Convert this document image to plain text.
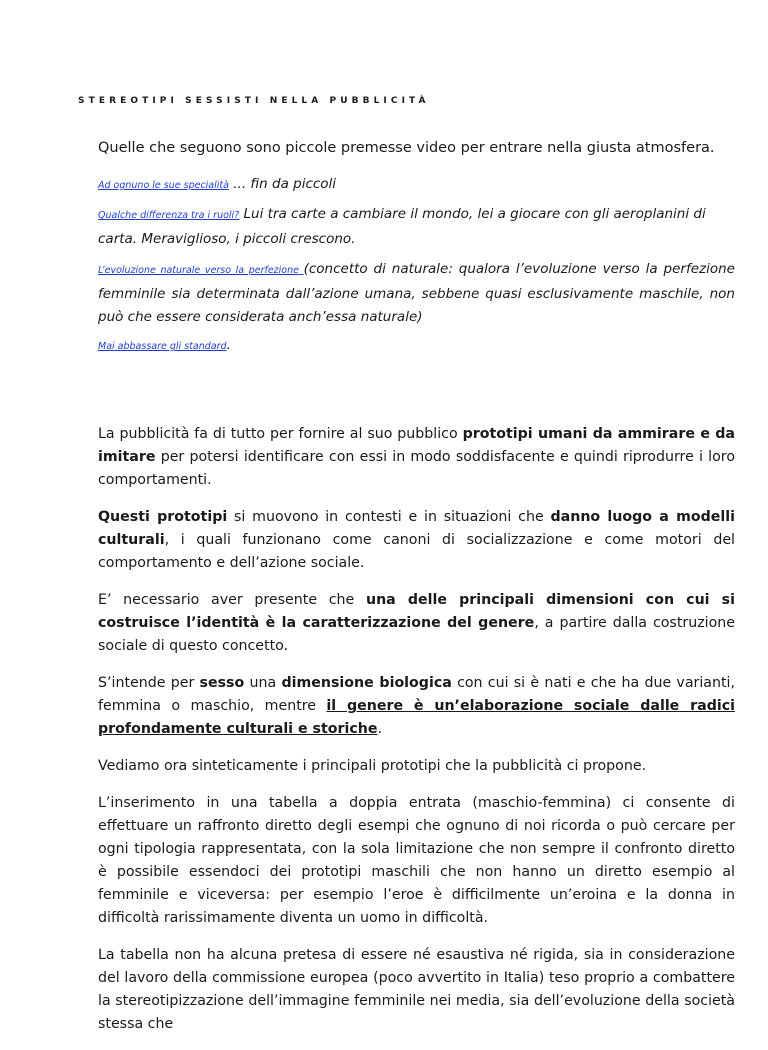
STEREOTIPI SESSISTI NELLA PUBBLICITÀ
Quelle che seguono sono piccole premesse video per entrare nella giusta atmosfera.
Ad ognuno le sue specialità ... fin da piccoli
Qualche differenza tra i ruoli? Lui tra carte a cambiare il mondo, lei a giocare con gli aeroplanini di carta. Meraviglioso, i piccoli crescono.
L’evoluzione naturale verso la perfezione (concetto di naturale: qualora l’evoluzione verso la perfezione femminile sia determinata dall’azione umana, sebbene quasi esclusivamente maschile, non può che essere considerata anch’essa naturale)
Mai abbassare gli standard.

La pubblicità fa di tutto per fornire al suo pubblico prototipi umani da ammirare e da imitare per potersi identificare con essi in modo soddisfacente e quindi riprodurre i loro comportamenti.

Questi prototipi si muovono in contesti e in situazioni che danno luogo a modelli culturali, i quali funzionano come canoni di socializzazione e come motori del comportamento e dell’azione sociale.

E’ necessario aver presente che una delle principali dimensioni con cui si costruisce l’identità è la caratterizzazione del genere, a partire dalla costruzione sociale di questo concetto.

S’intende per sesso una dimensione biologica con cui si è nati e che ha due varianti, femmina o maschio, mentre il genere è un’elaborazione sociale dalle radici profondamente culturali e storiche.

Vediamo ora sinteticamente i principali prototipi che la pubblicità ci propone.

L’inserimento in una tabella a doppia entrata (maschio-femmina) ci consente di effettuare un raffronto diretto degli esempi che ognuno di noi ricorda o può cercare per ogni tipologia rappresentata, con la sola limitazione che non sempre il confronto diretto è possibile essendoci dei prototipi maschili che non hanno un diretto esempio al femminile e viceversa: per esempio l’eroe è difficilmente un’eroina e la donna in difficoltà rarissimamente diventa un uomo in difficoltà.

La tabella non ha alcuna pretesa di essere né esaustiva né rigida, sia in considerazione del lavoro della commissione europea (poco avvertito in Italia) teso proprio a combattere la stereotipizzazione dell’immagine femminile nei media, sia dell’evoluzione della società stessa che
